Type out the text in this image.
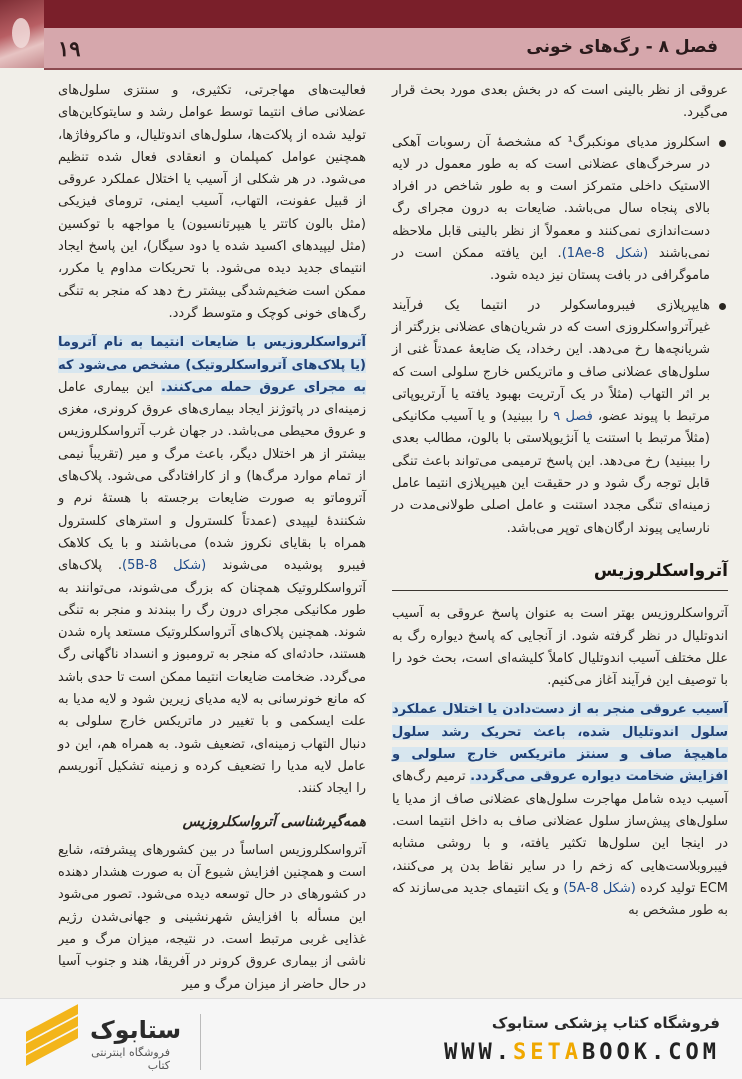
۱۹	فصل ۸ - رگ‌های خونی

عروقی از نظر بالینی است که در بخش بعدی مورد بحث قرار می‌گیرد.

اسکلروز مدیای مونکبرگ¹ که مشخصهٔ آن رسوبات آهکی در سرخرگ‌های عضلانی است که به طور معمول در لایه الاستیک داخلی متمرکز است و به طور شاخص در افراد بالای پنجاه سال می‌باشد. ضایعات به درون مجرای رگ دست‌اندازی نمی‌کنند و معمولاً از نظر بالینی قابل ملاحظه نمی‌باشند (شکل 8-1Ae). این یافته ممکن است در ماموگرافی در بافت پستان نیز دیده شود.

هایپرپلازی فیبروماسکولر در انتیما یک فرآیند غیرآترواسکلروزی است که در شریان‌های عضلانی بزرگتر از شریانچه‌ها رخ می‌دهد. این رخداد، یک ضایعهٔ عمدتاً غنی از سلول‌های عضلانی صاف و ماتریکس خارج سلولی است که بر اثر التهاب (مثلاً در یک آرتریت بهبود یافته یا آرتریوپاتی مرتبط با پیوند عضو، فصل ۹ را ببینید) و یا آسیب مکانیکی (مثلاً مرتبط با استنت یا آنژیوپلاستی با بالون، مطالب بعدی را ببینید) رخ می‌دهد. این پاسخ ترمیمی می‌تواند باعث تنگی قابل توجه رگ شود و در حقیقت این هیپرپلازی انتیما عامل زمینه‌ای تنگی مجدد استنت و عامل اصلی طولانی‌مدت در نارسایی پیوند ارگان‌های توپر می‌باشد.

آترواسکلروزیس

آترواسکلروزیس بهتر است به عنوان پاسخ عروقی به آسیب اندوتلیال در نظر گرفته شود. از آنجایی که پاسخ دیواره رگ به علل مختلف آسیب اندوتلیال کاملاً کلیشه‌ای است، بحث خود را با توصیف این فرآیند آغاز می‌کنیم.

آسیب عروقی منجر به از دست‌دادن یا اختلال عملکرد سلول اندوتلیال شده، باعث تحریک رشد سلول ماهیچهٔ صاف و سنتز ماتریکس خارج سلولی و افزایش ضخامت دیواره عروقی می‌گردد. ترمیم رگ‌های آسیب دیده شامل مهاجرت سلول‌های عضلانی صاف از مدیا یا سلول‌های پیش‌ساز سلول عضلانی صاف به داخل انتیما است. در اینجا این سلول‌ها تکثیر یافته، و با روشی مشابه فیبروبلاست‌هایی که زخم را در سایر نقاط بدن پر می‌کنند، ECM تولید کرده (شکل 8-5A) و یک انتیمای جدید می‌سازند که به طور مشخص به

فعالیت‌های مهاجرتی، تکثیری، و سنتزی سلول‌های عضلانی صاف انتیما توسط عوامل رشد و سایتوکاین‌های تولید شده از پلاکت‌ها، سلول‌های اندوتلیال، و ماکروفاژها، همچنین عوامل کمپلمان و انعقادی فعال شده تنظیم می‌شود. در هر شکلی از آسیب یا اختلال عملکرد عروقی از قبیل عفونت، التهاب، آسیب ایمنی، ترومای فیزیکی (مثل بالون کاتتر یا هیپرتانسیون) یا مواجهه با توکسین (مثل لیپیدهای اکسید شده یا دود سیگار)، این پاسخ ایجاد انتیمای جدید دیده می‌شود. با تحریکات مداوم یا مکرر، ممکن است ضخیم‌شدگی بیشتر رخ دهد که منجر به تنگی رگ‌های خونی کوچک و متوسط گردد.

آترواسکلروزیس با ضایعات انتیما به نام آتروما (یا پلاک‌های آترواسکلروتیک) مشخص می‌شود که به مجرای عروق حمله می‌کنند. این بیماری عامل زمینه‌ای در پاتوژنز ایجاد بیماری‌های عروق کرونری، مغزی و عروق محیطی می‌باشد. در جهان غرب آترواسکلروزیس بیشتر از هر اختلال دیگر، باعث مرگ و میر (تقریباً نیمی از تمام موارد مرگ‌ها) و از کارافتادگی می‌شود. پلاک‌های آتروماتو به صورت ضایعات برجسته با هستهٔ نرم و شکنندهٔ لیپیدی (عمدتاً کلسترول و استرهای کلسترول همراه با بقایای نکروز شده) می‌باشند و با یک کلاهک فیبرو پوشیده می‌شوند (شکل 8-5B). پلاک‌های آترواسکلروتیک همچنان که بزرگ می‌شوند، می‌توانند به طور مکانیکی مجرای درون رگ را ببندند و منجر به تنگی شوند. همچنین پلاک‌های آترواسکلروتیک مستعد پاره شدن هستند، حادثه‌ای که منجر به ترومبوز و انسداد ناگهانی رگ می‌گردد. ضخامت ضایعات انتیما ممکن است تا حدی باشد که مانع خونرسانی به لایه مدیای زیرین شود و لایه مدیا به علت ایسکمی و با تغییر در ماتریکس خارج سلولی به دنبال التهاب زمینه‌ای، تضعیف شود. به همراه هم، این دو عامل لایه مدیا را تضعیف کرده و زمینه تشکیل آنوریسم را ایجاد کنند.

همه‌گیرشناسی آترواسکلروزیس

آترواسکلروزیس اساساً در بین کشورهای پیشرفته، شایع است و همچنین افزایش شیوع آن به صورت هشدار دهنده در کشورهای در حال توسعه دیده می‌شود. تصور می‌شود این مسأله با افزایش شهرنشینی و جهانی‌شدن رژیم غذایی غربی مرتبط است. در نتیجه، میزان مرگ و میر ناشی از بیماری عروق کرونر در آفریقا، هند و جنوب آسیا در حال حاضر از میزان مرگ و میر

ستابوک
فروشگاه اینترنتی کتاب
فروشگاه کتاب پزشکی ستابوک
WWW.SETABOOK.COM
